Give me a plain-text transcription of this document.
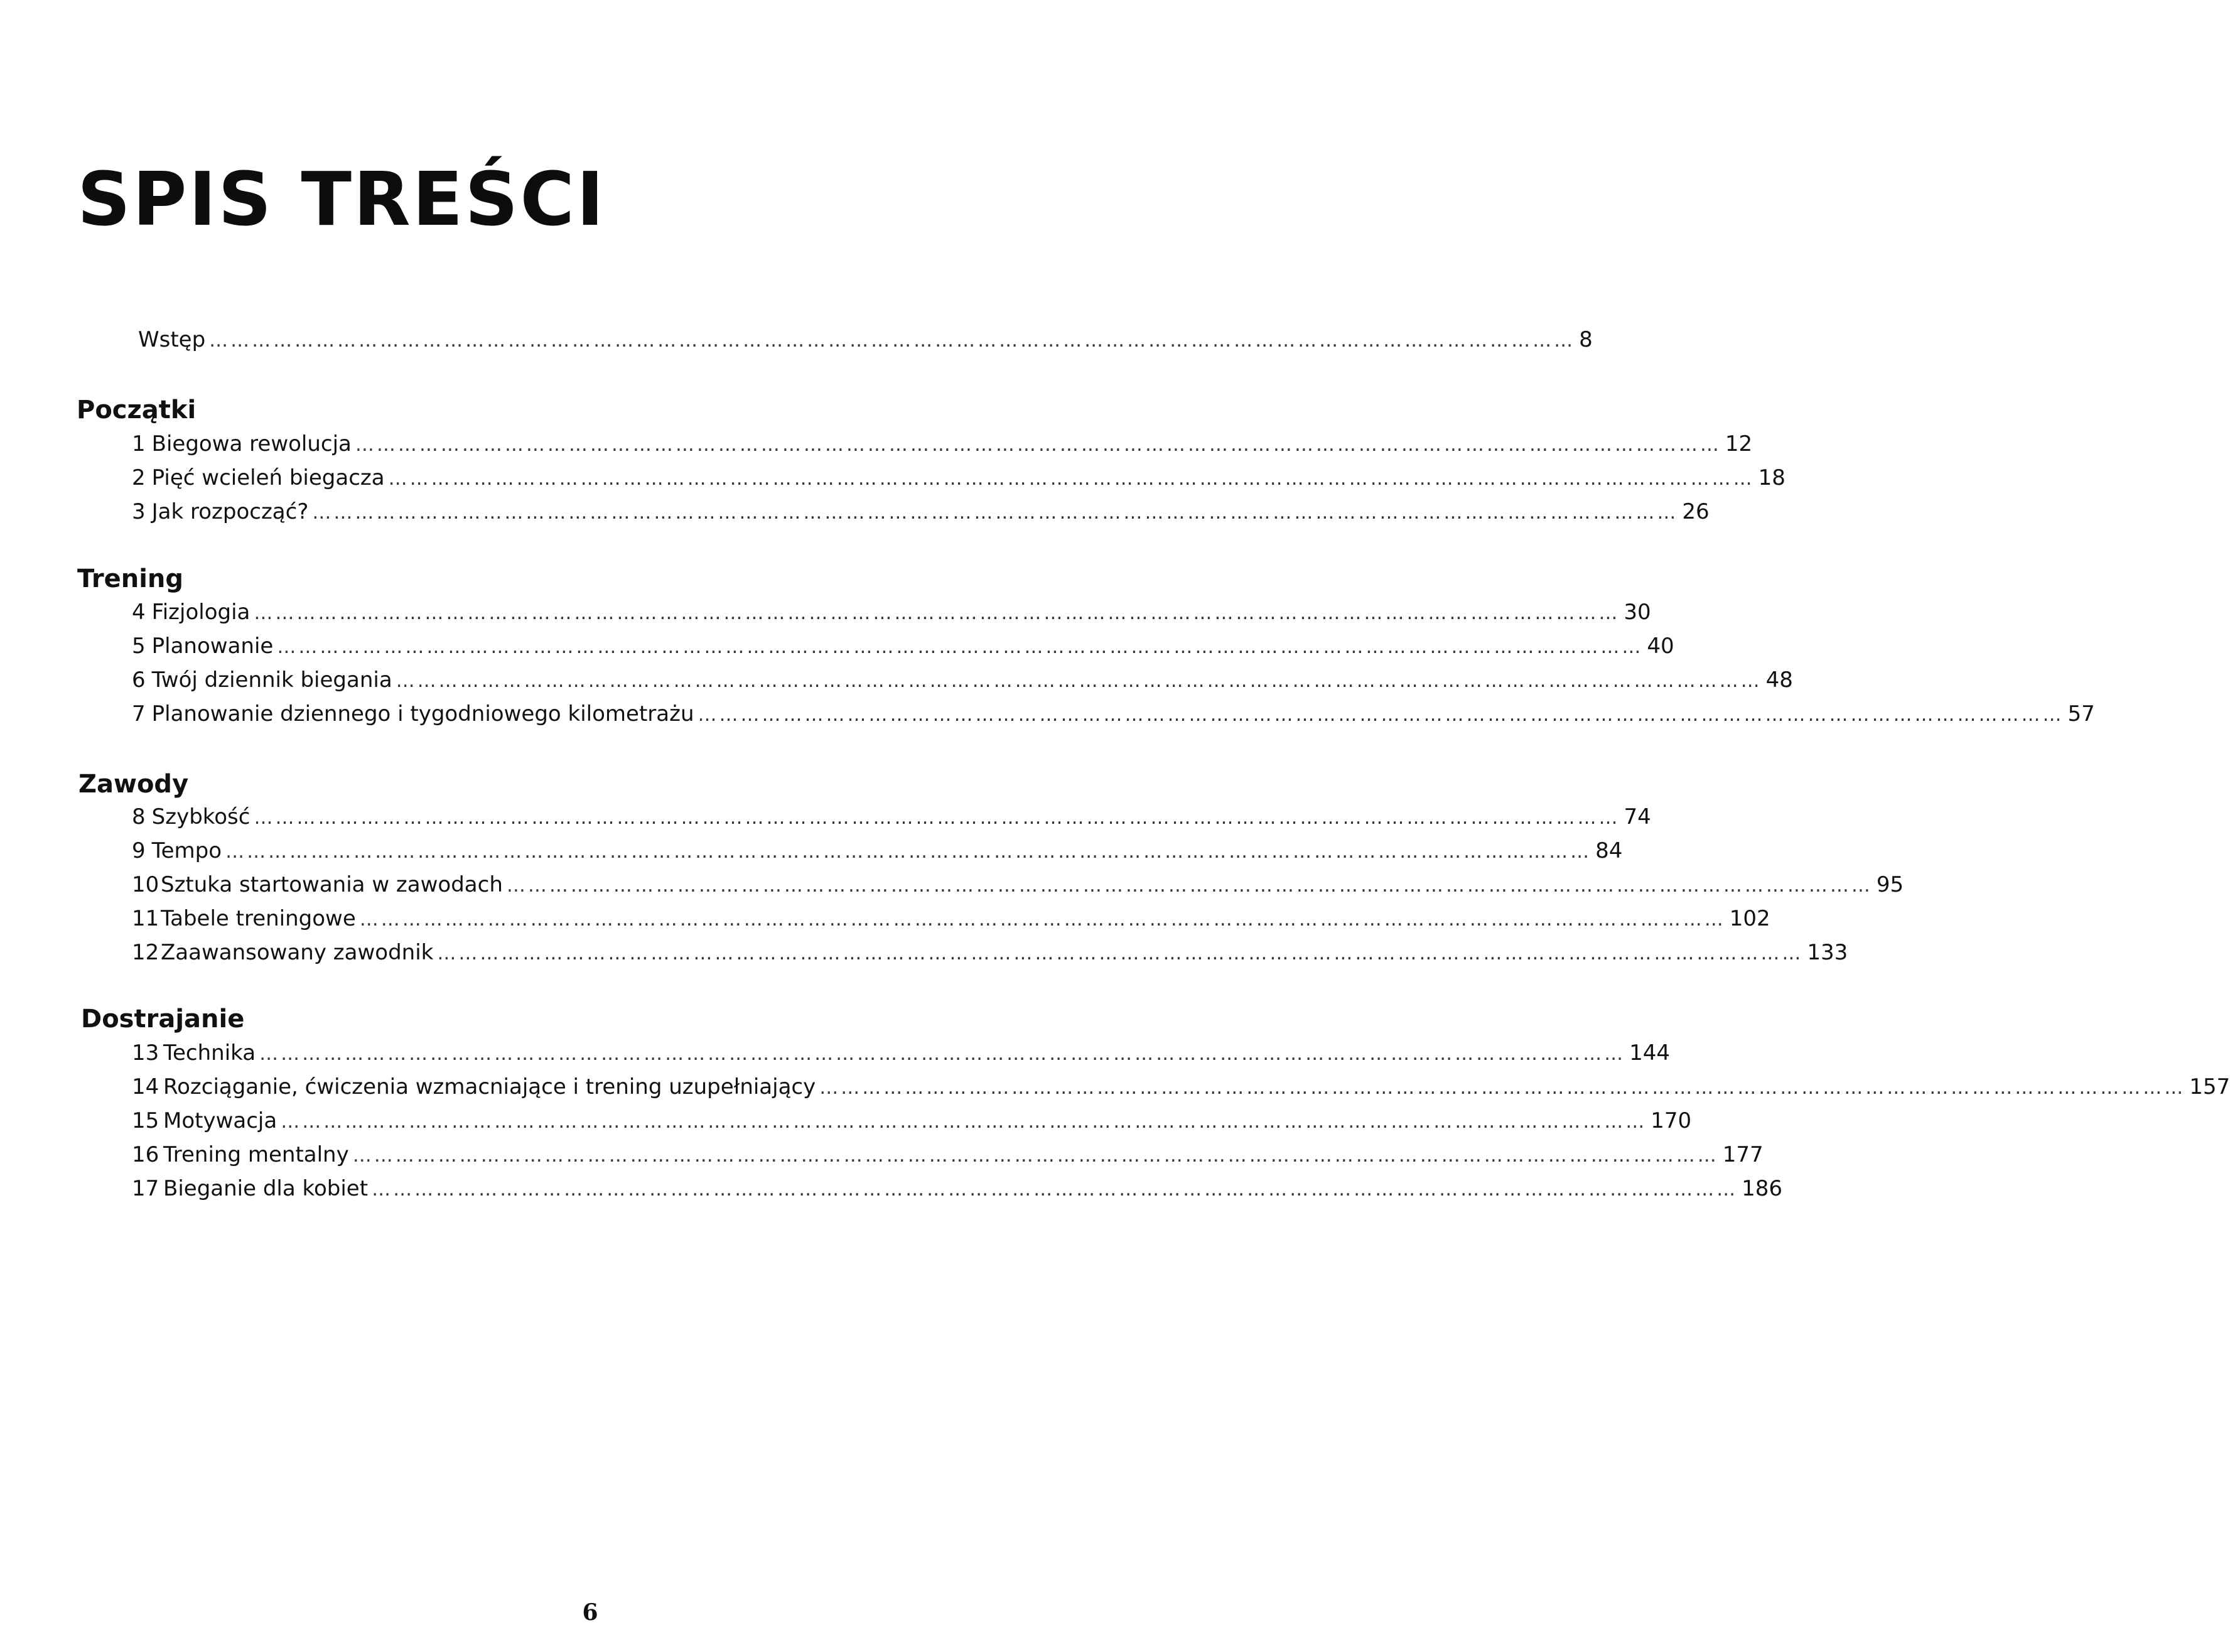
SPIS TREŚCI
Wstęp ………………………………………………………………………………………………………………………………………………………………………… 8
Początki
1 Biegowa rewolucja ………………………………………………………………………………………………………………………………………………………………………… 12
2 Pięć wcieleń biegacza ………………………………………………………………………………………………………………………………………………………………………… 18
3 Jak rozpocząć? ………………………………………………………………………………………………………………………………………………………………………… 26
Trening
4 Fizjologia ………………………………………………………………………………………………………………………………………………………………………… 30
5 Planowanie ………………………………………………………………………………………………………………………………………………………………………… 40
6 Twój dziennik biegania ………………………………………………………………………………………………………………………………………………………………………… 48
7 Planowanie dziennego i tygodniowego kilometrażu ………………………………………………………………………………………………………………………………………………………………………… 57
Zawody
8 Szybkość ………………………………………………………………………………………………………………………………………………………………………… 74
9 Tempo ………………………………………………………………………………………………………………………………………………………………………… 84
10 Sztuka startowania w zawodach ………………………………………………………………………………………………………………………………………………………………………… 95
11 Tabele treningowe ………………………………………………………………………………………………………………………………………………………………………… 102
12 Zaawansowany zawodnik ………………………………………………………………………………………………………………………………………………………………………… 133
Dostrajanie
13 Technika ………………………………………………………………………………………………………………………………………………………………………… 144
14 Rozciąganie, ćwiczenia wzmacniające i trening uzupełniający ………………………………………………………………………………………………………………………………………………………………………… 157
15 Motywacja ………………………………………………………………………………………………………………………………………………………………………… 170
16 Trening mentalny ………………………………………………………………………………………………………………………………………………………………………… 177
17 Bieganie dla kobiet ………………………………………………………………………………………………………………………………………………………………………… 186
6
